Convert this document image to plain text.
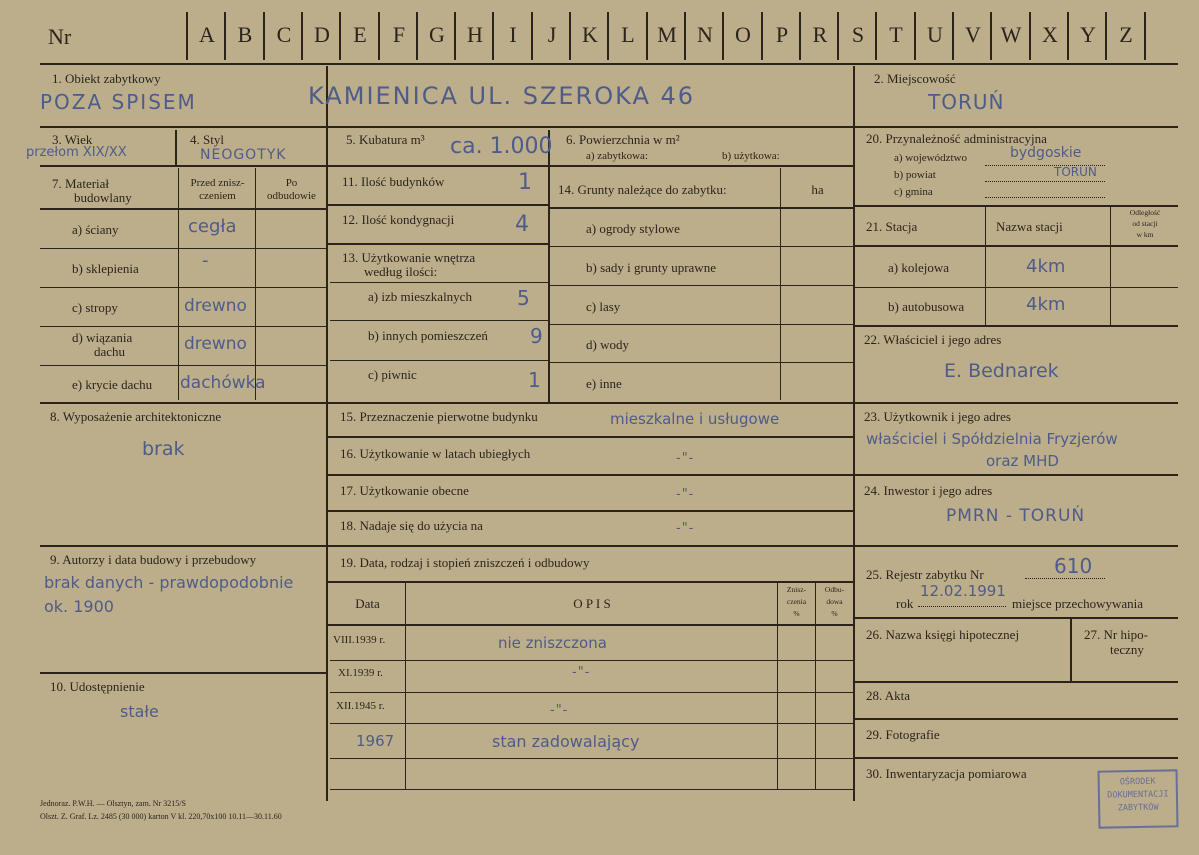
Nr	A	B	C	D	E	F	G	H	I	J	K	L	M N	O	P	R	S	T	U	V W X	Y	Z
1. Obiekt zabytkowy
POZA SPISEM	KAMIENICA UL. SZEROKA 46
2. Miejscowość
TORUŃ
3. Wiek
przełom XIX/XX
4. Styl
NEOGOTYK
5. Kubatura m³ ca. 1.000 6. Powierzchnia w m²
a) zabytkowa:	b) użytkowa:
7. Materiał
budowlany
Przed znisz-
czeniem
Po
odbudowie
a) ściany	cegła
b) sklepienia	-
c) stropy	drewno
d) wiązania
dachu	drewno
e) krycie dachu dachówka
8. Wyposażenie architektoniczne
brak
9. Autorzy i data budowy i przebudowy
brak danych - prawdopodobnie
ok. 1900
10. Udostępnienie
stałe
11. Ilość budynków	1
12. Ilość kondygnacji	4
13. Użytkowanie wnętrza
według ilości:
a) izb mieszkalnych 5
b) innych pomieszczeń 9
c) piwnic	1
14. Grunty należące do zabytku:	ha
a) ogrody stylowe
b) sady i grunty uprawne
c) lasy
d) wody
e) inne
15. Przeznaczenie pierwotne budynku	mieszkalne i usługowe
16. Użytkowanie w latach ubiegłych	-"-
17. Użytkowanie obecne	-"-
18. Nadaje się do użycia na	-"-
19. Data, rodzaj i stopień zniszczeń i odbudowy
Data	O P I S
Znisz-
czenia
%
Odbu-
dowa
%
VIII.1939 r.	nie zniszczona
XI.1939 r.	-"-
XII.1945 r.	-"-
1967	stan zadowalający
20. Przynależność administracyjna
a) województwo	bydgoskie
b) powiat	TORUŃ
c) gmina
21. Stacja	Nazwa stacji
Odległość
od stacji
w km
a) kolejowa	4km
b) autobusowa	4km
22. Właściciel i jego adres
E. Bednarek
23. Użytkownik i jego adres
właściciel i Spółdzielnia Fryzjerów
oraz MHD
24. Inwestor i jego adres
PMRN - TORUŃ
25. Rejestr zabytku Nr	610
rok
12.02.1991
miejsce przechowywania
26. Nazwa księgi hipotecznej	27. Nr hipo-
teczny
28. Akta
29. Fotografie
30. Inwentaryzacja pomiarowa
Jednoraz. P.W.H. — Olsztyn, zam. Nr 3215/S
Olszt. Z. Graf. Lz. 2485 (30 000) karton V kl. 220,70x100 10.11—30.11.60
OŚRODEK
DOKUMENTACJI
ZABYTKÓW
